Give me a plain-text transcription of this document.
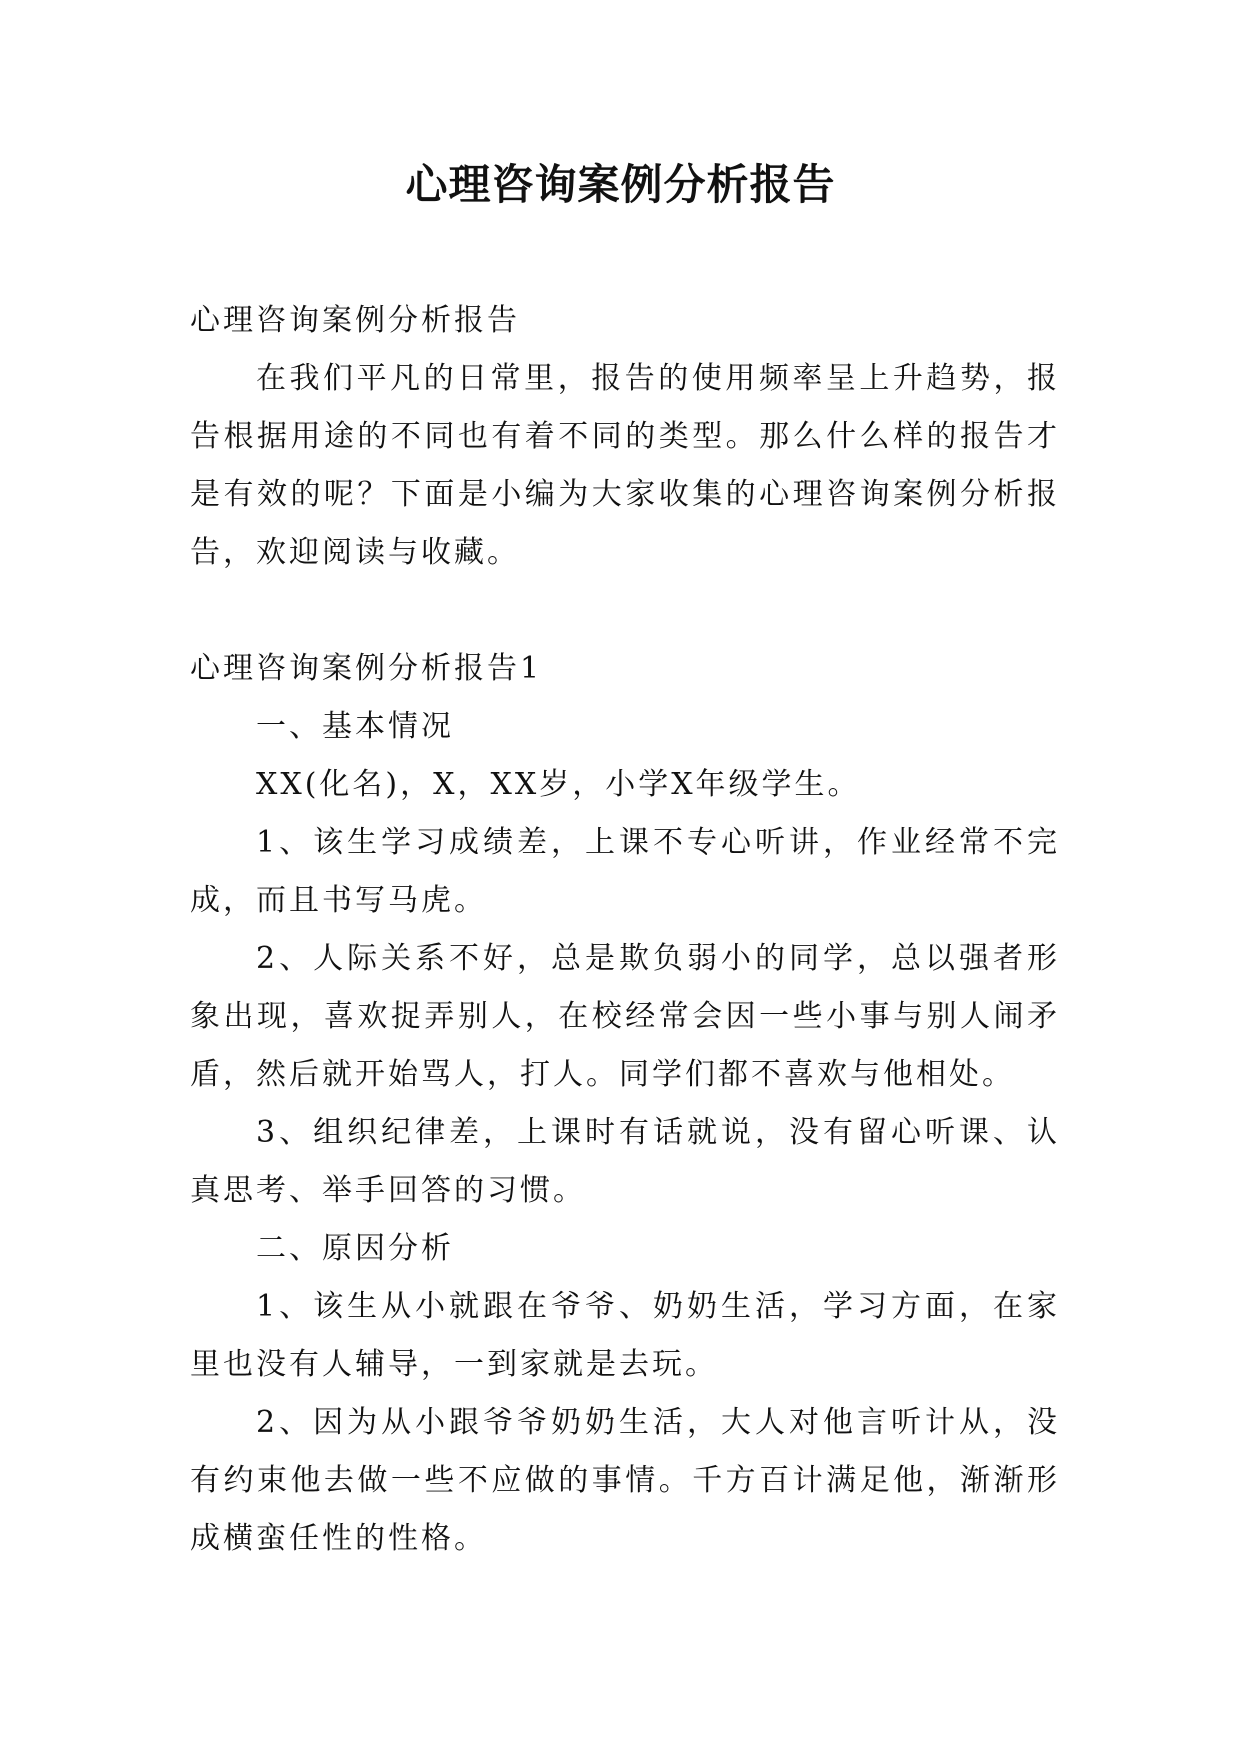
心理咨询案例分析报告

心理咨询案例分析报告

在我们平凡的日常里，报告的使用频率呈上升趋势，报告根据用途的不同也有着不同的类型。那么什么样的报告才是有效的呢？下面是小编为大家收集的心理咨询案例分析报告，欢迎阅读与收藏。

心理咨询案例分析报告1

一、基本情况

XX(化名)，X，XX岁，小学X年级学生。

1、该生学习成绩差，上课不专心听讲，作业经常不完成，而且书写马虎。

2、人际关系不好，总是欺负弱小的同学，总以强者形象出现，喜欢捉弄别人，在校经常会因一些小事与别人闹矛盾，然后就开始骂人，打人。同学们都不喜欢与他相处。

3、组织纪律差，上课时有话就说，没有留心听课、认真思考、举手回答的习惯。

二、原因分析

1、该生从小就跟在爷爷、奶奶生活，学习方面，在家里也没有人辅导，一到家就是去玩。

2、因为从小跟爷爷奶奶生活，大人对他言听计从，没有约束他去做一些不应做的事情。千方百计满足他，渐渐形成横蛮任性的性格。
